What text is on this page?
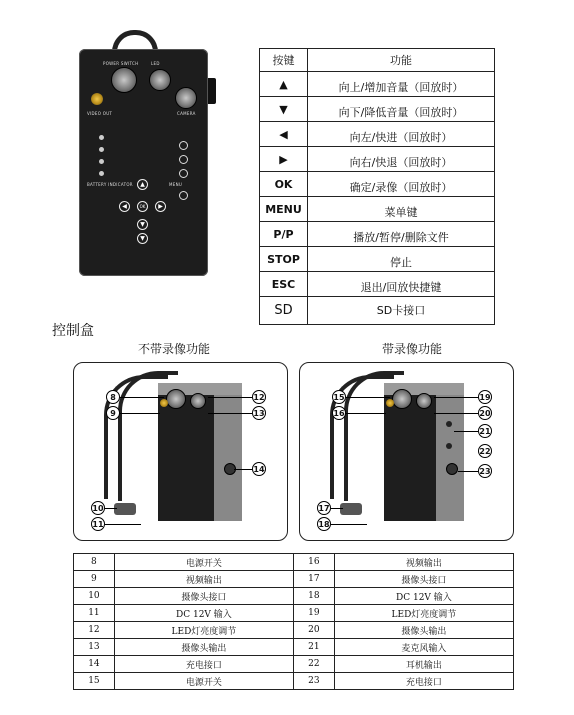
POWER SWITCH	LED
VIDEO OUT	CAMERA
BATTERY INDICATOR	MENU
▲
▼
◀	▶
OK
▼
按键	功能
▲	向上/增加音量（回放时）
▼	向下/降低音量（回放时）
◀	向左/快进（回放时）
▶	向右/快退（回放时）
OK	确定/录像（回放时）
MENU	菜单键
P/P	播放/暂停/删除文件
STOP	停止
ESC	退出/回放快捷键
SD	SD卡接口
控制盒
不带录像功能	带录像功能
8
9
12
13
14
10
11
15
16
19
20
21
22
23
17
18
8	电源开关	16	视频输出
9	视频输出	17	摄像头接口
10	摄像头接口	18	DC 12V 输入
11	DC 12V 输入	19	LED灯亮度调节
12	LED灯亮度调节	20	摄像头输出
13	摄像头输出	21	麦克风输入
14	充电接口	22	耳机输出
15	电源开关	23	充电接口
